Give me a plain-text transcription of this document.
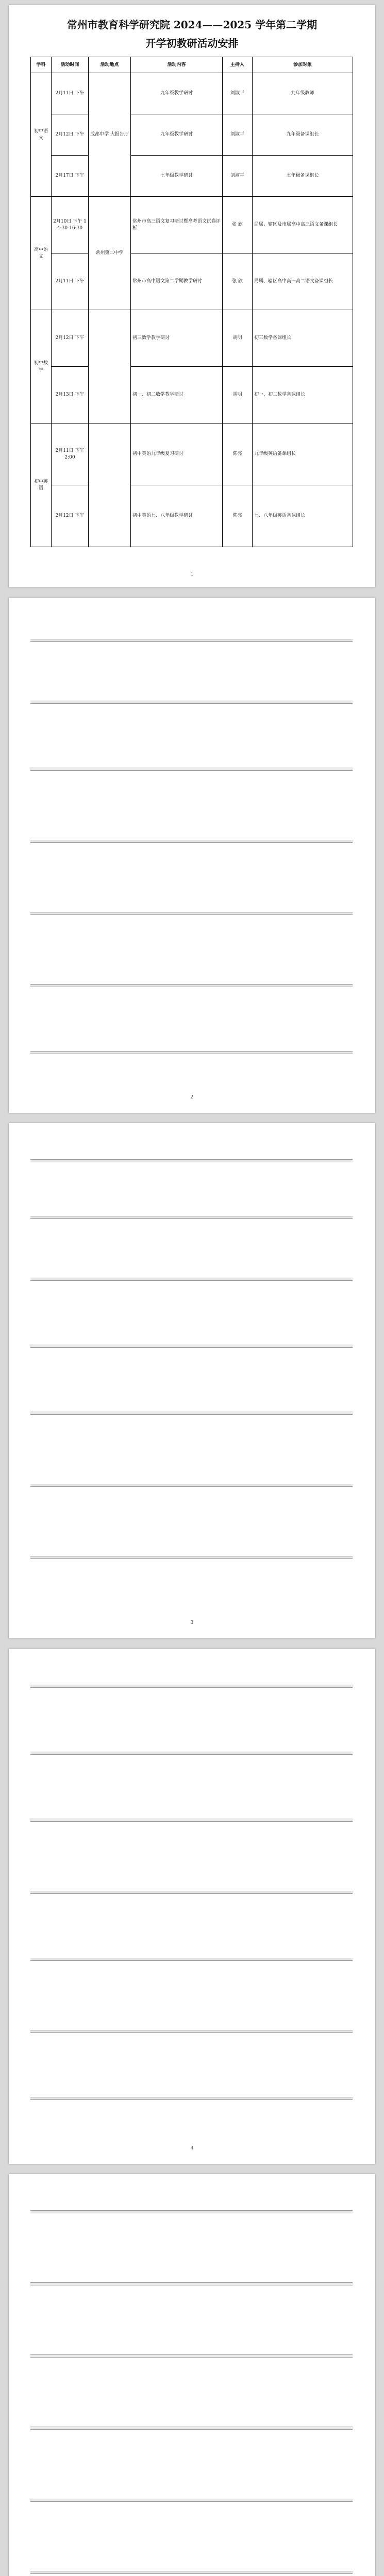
常州市教育科学研究院 2024——2025 学年第二学期
开学初教研活动安排
学科	活动时间	活动地点	活动内容	主持人	参加对象
初中语文	2月11日 下午	成都中学 大报告厅	九年级教学研讨	刘淑平	九年级教师
	2月12日 下午		九年级教学研讨	刘淑平	九年级备课组长
	2月17日 下午		七年级教学研讨	刘淑平	七年级备课组长
高中语文	2月10日 下午 14:30-16:30	常州第二中学	常州市高三语文复习研讨暨高考语文试卷评析	张 欣	局属、辖区及市属高中高三语文备课组长
	2月11日 下午		常州市高中语文第二学期教学研讨	张 欣	局属、辖区高中高一高二语文备课组长
初中数学	2月12日 下午		初三数学教学研讨	胡明	初三数学备课组长
	2月13日 下午		初一、初二数学教学研讨	胡明	初一、初二数学备课组长
初中英语	2月11日 下午 2:00		初中英语九年级复习研讨	陈亮	九年级英语备课组长
	2月12日 下午		初中英语七、八年级教学研讨	陈亮	七、八年级英语备课组长
1
2
3
4
